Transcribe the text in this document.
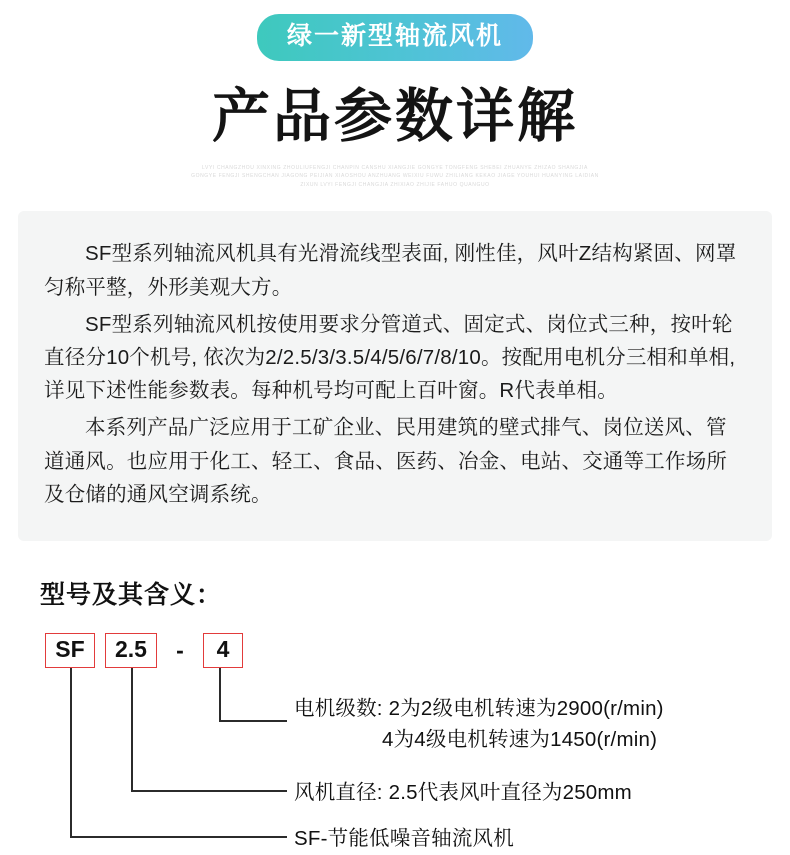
绿一新型轴流风机
产品参数详解
LVYI CHANGZHOU XINXING ZHOULIUFENGJI CHANPIN CANSHU XIANGJIE GONGYE TONGFENG SHEBEI ZHUANYE ZHIZAO SHANGJIA
GONGYE FENGJI SHENGCHAN JIAGONG PEIJIAN XIAOSHOU ANZHUANG WEIXIU FUWU ZHILIANG KEKAO JIAGE YOUHUI HUANYING LAIDIAN
ZIXUN LVYI FENGJI CHANGJIA ZHIXIAO ZHIJIE FAHUO QUANGUO

SF型系列轴流风机具有光滑流线型表面, 刚性佳，风叶Z结构紧固、网罩匀称平整，外形美观大方。

SF型系列轴流风机按使用要求分管道式、固定式、岗位式三种，按叶轮直径分10个机号, 依次为2/2.5/3/3.5/4/5/6/7/8/10。按配用电机分三相和单相, 详见下述性能参数表。每种机号均可配上百叶窗。R代表单相。

本系列产品广泛应用于工矿企业、民用建筑的壁式排气、岗位送风、管道通风。也应用于化工、轻工、食品、医药、冶金、电站、交通等工作场所及仓储的通风空调系统。

型号及其含义：
SF	2.5	-	4
电机级数: 2为2级电机转速为2900(r/min)
4为4级电机转速为1450(r/min)
风机直径: 2.5代表风叶直径为250mm
SF-节能低噪音轴流风机
